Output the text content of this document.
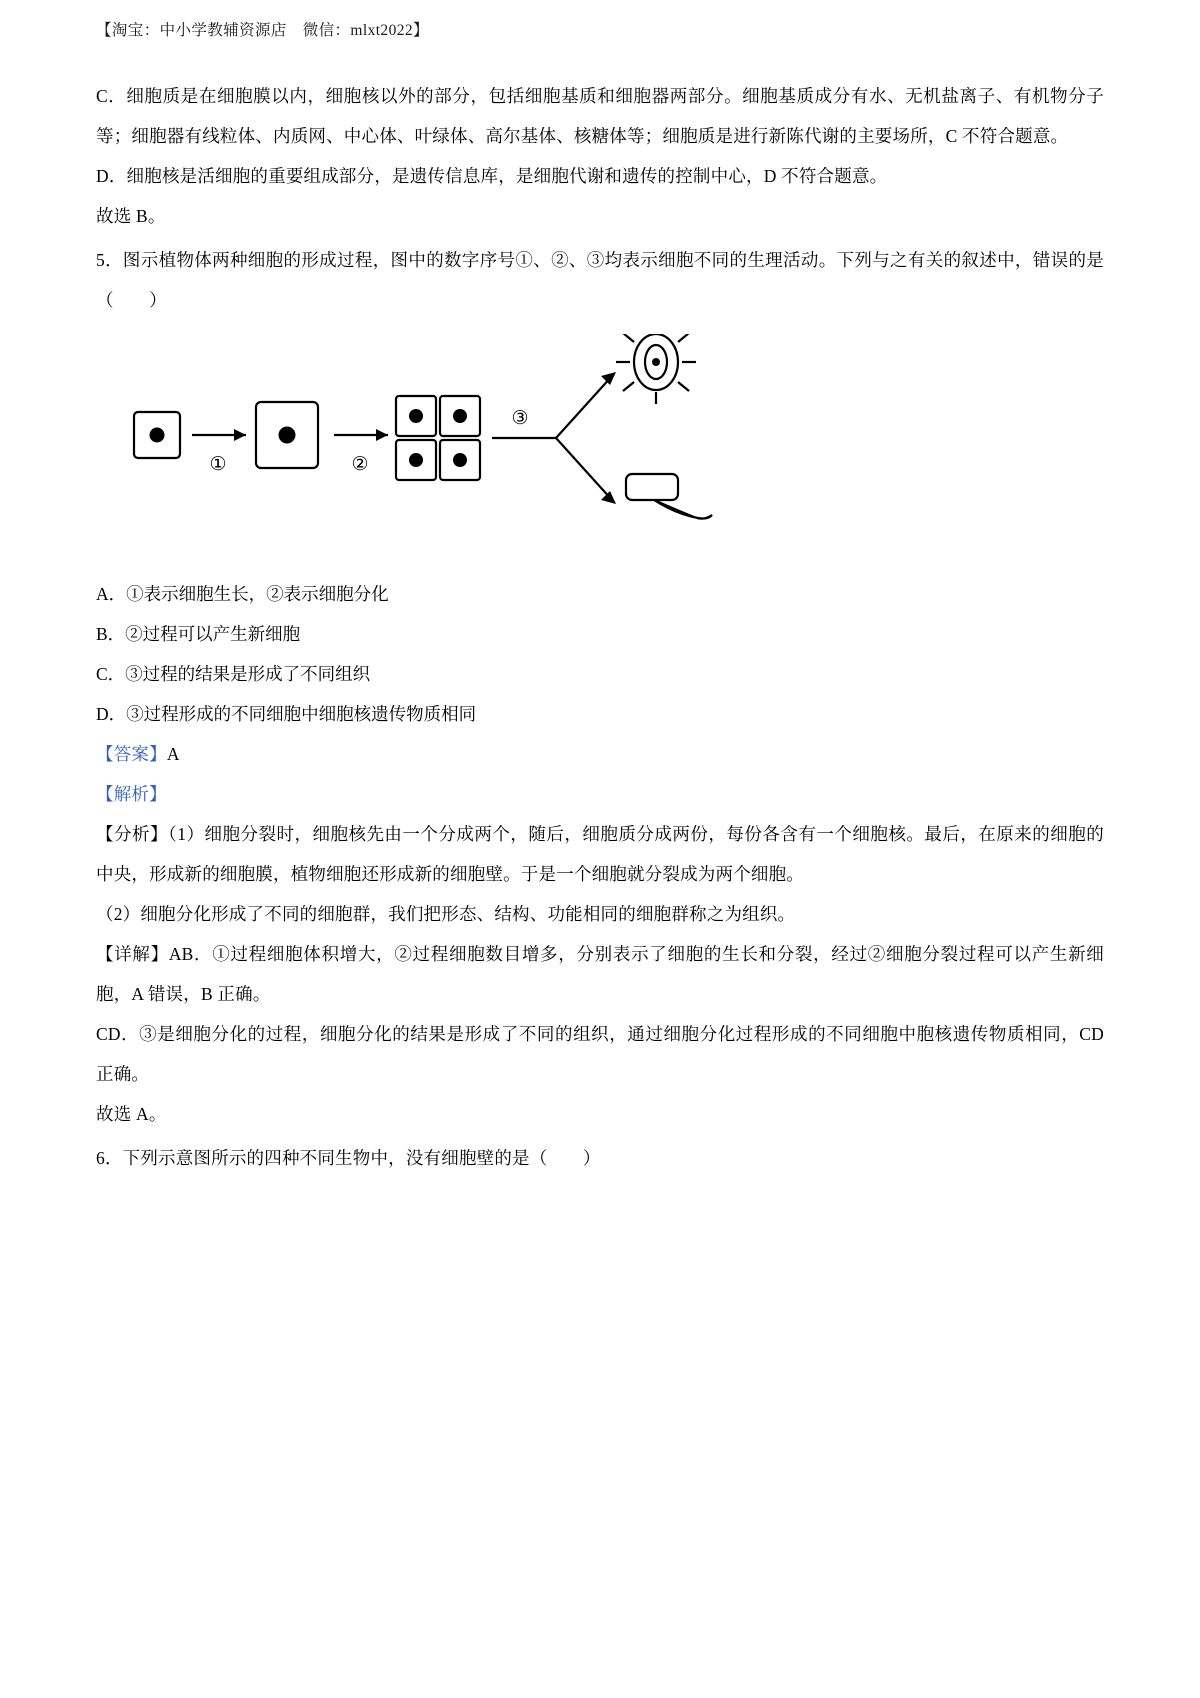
【淘宝：中小学教辅资源店　微信：mlxt2022】

C．细胞质是在细胞膜以内，细胞核以外的部分，包括细胞基质和细胞器两部分。细胞基质成分有水、无机盐离子、有机物分子等；细胞器有线粒体、内质网、中心体、叶绿体、高尔基体、核糖体等；细胞质是进行新陈代谢的主要场所，C 不符合题意。

D．细胞核是活细胞的重要组成部分，是遗传信息库，是细胞代谢和遗传的控制中心，D 不符合题意。

故选 B。

5．图示植物体两种细胞的形成过程，图中的数字序号①、②、③均表示细胞不同的生理活动。下列与之有关的叙述中，错误的是（　　）

①	②
③

A．①表示细胞生长，②表示细胞分化

B．②过程可以产生新细胞

C．③过程的结果是形成了不同组织

D．③过程形成的不同细胞中细胞核遗传物质相同

【答案】A

【解析】

【分析】（1）细胞分裂时，细胞核先由一个分成两个，随后，细胞质分成两份，每份各含有一个细胞核。最后，在原来的细胞的中央，形成新的细胞膜，植物细胞还形成新的细胞壁。于是一个细胞就分裂成为两个细胞。

（2）细胞分化形成了不同的细胞群，我们把形态、结构、功能相同的细胞群称之为组织。

【详解】AB．①过程细胞体积增大，②过程细胞数目增多，分别表示了细胞的生长和分裂，经过②细胞分裂过程可以产生新细胞，A 错误，B 正确。

CD．③是细胞分化的过程，细胞分化的结果是形成了不同的组织，通过细胞分化过程形成的不同细胞中胞核遗传物质相同，CD 正确。

故选 A。

6．下列示意图所示的四种不同生物中，没有细胞壁的是（　　）
